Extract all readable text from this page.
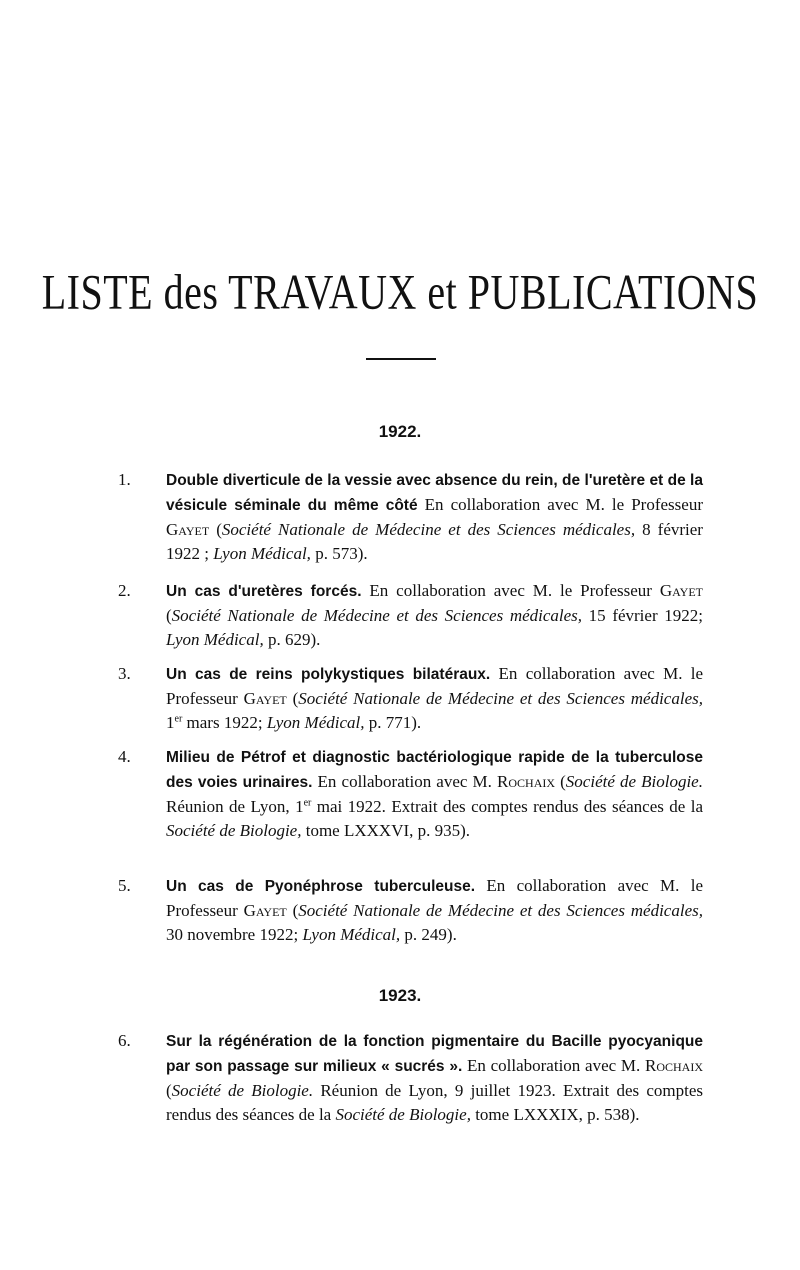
LISTE des TRAVAUX et PUBLICATIONS
1922.
1. Double diverticule de la vessie avec absence du rein, de l'uretère et de la vésicule séminale du même côté En collaboration avec M. le Professeur Gayet (Société Nationale de Médecine et des Sciences médicales, 8 février 1922 ; Lyon Médical, p. 573).
2. Un cas d'uretères forcés. En collaboration avec M. le Professeur Gayet (Société Nationale de Médecine et des Sciences médicales, 15 février 1922; Lyon Médical, p. 629).
3. Un cas de reins polykystiques bilatéraux. En collaboration avec M. le Professeur Gayet (Société Nationale de Médecine et des Sciences médicales, 1er mars 1922; Lyon Médical, p. 771).
4. Milieu de Pétrof et diagnostic bactériologique rapide de la tuberculose des voies urinaires. En collaboration avec M. Rochaix (Société de Biologie. Réunion de Lyon, 1er mai 1922. Extrait des comptes rendus des séances de la Société de Biologie, tome LXXXVI, p. 935).
5. Un cas de Pyonéphrose tuberculeuse. En collaboration avec M. le Professeur Gayet (Société Nationale de Médecine et des Sciences médicales, 30 novembre 1922; Lyon Médical, p. 249).
1923.
6. Sur la régénération de la fonction pigmentaire du Bacille pyocyanique par son passage sur milieux « sucrés ». En collaboration avec M. Rochaix (Société de Biologie. Réunion de Lyon, 9 juillet 1923. Extrait des comptes rendus des séances de la Société de Biologie, tome LXXXIX, p. 538).
